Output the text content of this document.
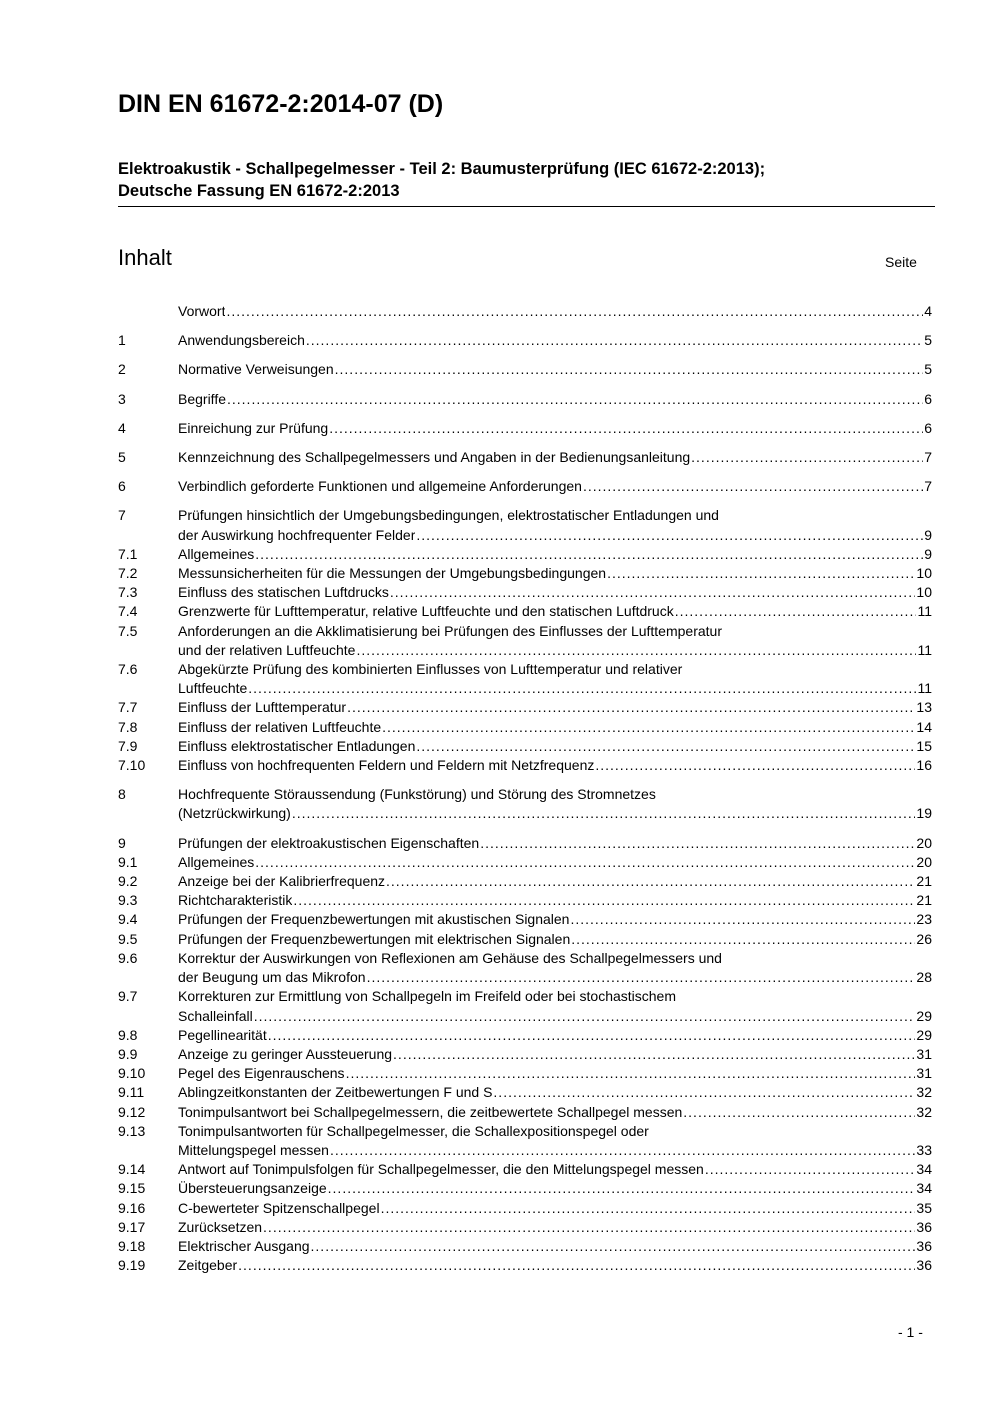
DIN EN 61672-2:2014-07 (D)
Elektroakustik - Schallpegelmesser - Teil 2: Baumusterprüfung (IEC 61672-2:2013);
Deutsche Fassung EN 61672-2:2013
Inhalt	Seite
Vorwort .....	4
1	Anwendungsbereich .....	5
2	Normative Verweisungen .....	5
3	Begriffe .....	6
4	Einreichung zur Prüfung .....	6
5	Kennzeichnung des Schallpegelmessers und Angaben in der Bedienungsanleitung .....	7
6	Verbindlich geforderte Funktionen und allgemeine Anforderungen .....	7
7	Prüfungen hinsichtlich der Umgebungsbedingungen, elektrostatischer Entladungen und
der Auswirkung hochfrequenter Felder .....	9
7.1	Allgemeines .....	9
7.2	Messunsicherheiten für die Messungen der Umgebungsbedingungen .....	10
7.3	Einfluss des statischen Luftdrucks .....	10
7.4	Grenzwerte für Lufttemperatur, relative Luftfeuchte und den statischen Luftdruck .....	11
7.5	Anforderungen an die Akklimatisierung bei Prüfungen des Einflusses der Lufttemperatur
und der relativen Luftfeuchte .....	11
7.6	Abgekürzte Prüfung des kombinierten Einflusses von Lufttemperatur und relativer
Luftfeuchte .....	11
7.7	Einfluss der Lufttemperatur .....	13
7.8	Einfluss der relativen Luftfeuchte .....	14
7.9	Einfluss elektrostatischer Entladungen .....	15
7.10	Einfluss von hochfrequenten Feldern und Feldern mit Netzfrequenz .....	16
8	Hochfrequente Störaussendung (Funkstörung) und Störung des Stromnetzes
(Netzrückwirkung) .....	19
9	Prüfungen der elektroakustischen Eigenschaften .....	20
9.1	Allgemeines .....	20
9.2	Anzeige bei der Kalibrierfrequenz .....	21
9.3	Richtcharakteristik .....	21
9.4	Prüfungen der Frequenzbewertungen mit akustischen Signalen .....	23
9.5	Prüfungen der Frequenzbewertungen mit elektrischen Signalen .....	26
9.6	Korrektur der Auswirkungen von Reflexionen am Gehäuse des Schallpegelmessers und
der Beugung um das Mikrofon .....	28
9.7	Korrekturen zur Ermittlung von Schallpegeln im Freifeld oder bei stochastischem
Schalleinfall .....	29
9.8	Pegellinearität .....	29
9.9	Anzeige zu geringer Aussteuerung .....	31
9.10	Pegel des Eigenrauschens .....	31
9.11	Ablingzeitkonstanten der Zeitbewertungen F und S .....	32
9.12	Tonimpulsantwort bei Schallpegelmessern, die zeitbewertete Schallpegel messen .....	32
9.13	Tonimpulsantworten für Schallpegelmesser, die Schallexpositionspegel oder
Mittelungspegel messen .....	33
9.14	Antwort auf Tonimpulsfolgen für Schallpegelmesser, die den Mittelungspegel messen .....	34
9.15	Übersteuerungsanzeige .....	34
9.16	C-bewerteter Spitzenschallpegel .....	35
9.17	Zurücksetzen .....	36
9.18	Elektrischer Ausgang .....	36
9.19	Zeitgeber .....	36
- 1 -
